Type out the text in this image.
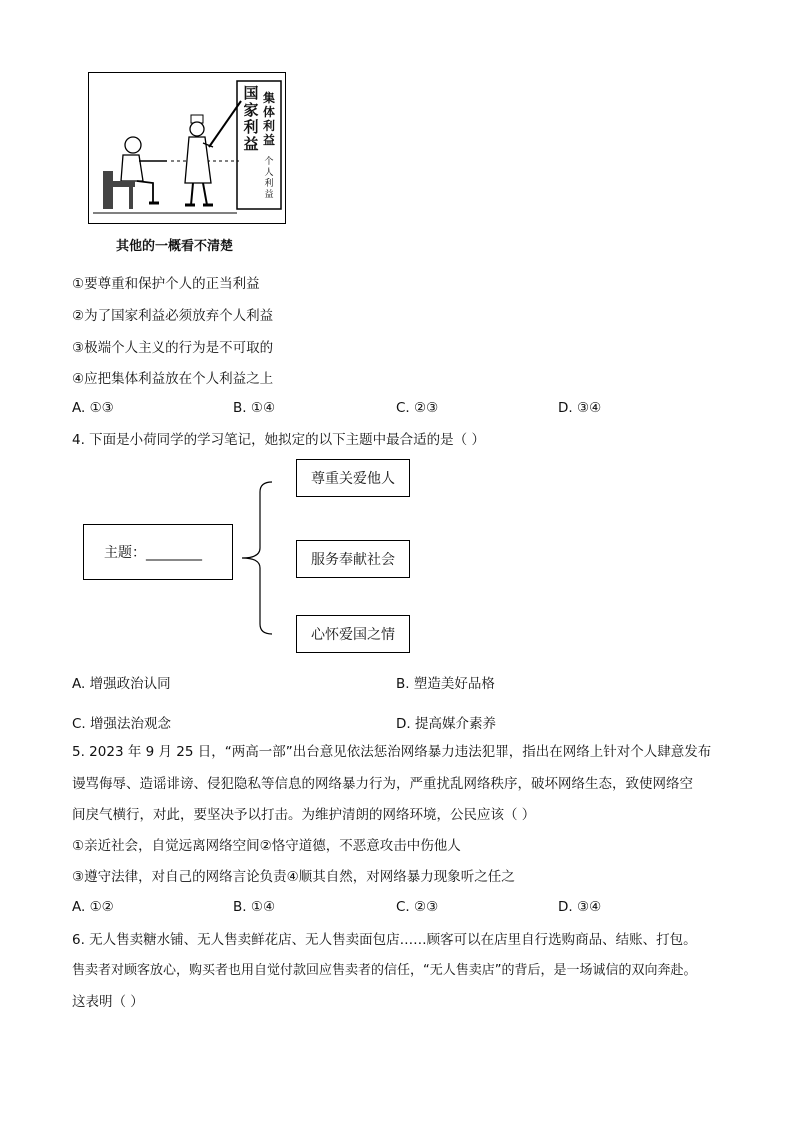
国家利益
集体利益
个人利益
其他的一概看不清楚
①要尊重和保护个人的正当利益
②为了国家利益必须放弃个人利益
③极端个人主义的行为是不可取的
④应把集体利益放在个人利益之上
A. ①③	B. ①④	C. ②③	D. ③④
4. 下面是小荷同学的学习笔记，她拟定的以下主题中最合适的是（ ）
主题：________
尊重关爱他人
服务奉献社会
心怀爱国之情
A. 增强政治认同	B. 塑造美好品格
C. 增强法治观念	D. 提高媒介素养
5. 2023 年 9 月 25 日，“两高一部”出台意见依法惩治网络暴力违法犯罪，指出在网络上针对个人肆意发布
谩骂侮辱、造谣诽谤、侵犯隐私等信息的网络暴力行为，严重扰乱网络秩序，破坏网络生态，致使网络空
间戾气横行，对此，要坚决予以打击。为维护清朗的网络环境，公民应该（ ）
①亲近社会，自觉远离网络空间②恪守道德，不恶意攻击中伤他人
③遵守法律，对自己的网络言论负责④顺其自然，对网络暴力现象听之任之
A. ①②	B. ①④	C. ②③	D. ③④
6. 无人售卖糖水铺、无人售卖鲜花店、无人售卖面包店……顾客可以在店里自行选购商品、结账、打包。
售卖者对顾客放心，购买者也用自觉付款回应售卖者的信任，“无人售卖店”的背后，是一场诚信的双向奔赴。
这表明（ ）
